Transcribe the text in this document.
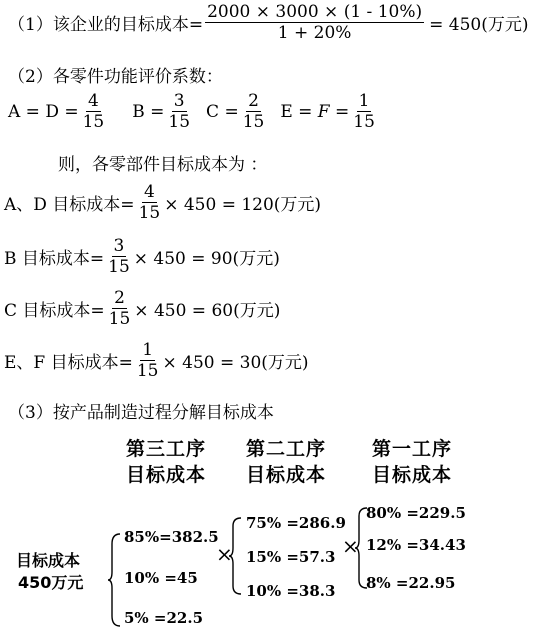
（1）该企业的目标成本= $\frac{2000 \times 3000 \times (1 - 10\%)}{1 + 20\%} = 450$(万元)
（2）各零件功能评价系数：
$A = D = \frac{4}{15}$ $B = \frac{3}{15}$ $C = \frac{2}{15}$ $E = F = \frac{1}{15}$
则，各零部件目标成本为 ：
A、D 目标成本= $\frac{4}{15} \times 450 = 120$(万元)
B 目标成本= $\frac{3}{15} \times 450 = 90$(万元)
C 目标成本= $\frac{2}{15} \times 450 = 60$(万元)
E、F 目标成本= $\frac{1}{15} \times 450 = 30$(万元)
（3）按产品制造过程分解目标成本
第三工序
目标成本
第二工序
目标成本
第一工序
目标成本
目标成本
450万元
85%=382.5
10% =45
5% =22.5
×	×
75% =286.9
15% =57.3
10% =38.3
80% =229.5
12% =34.43
8% =22.95
